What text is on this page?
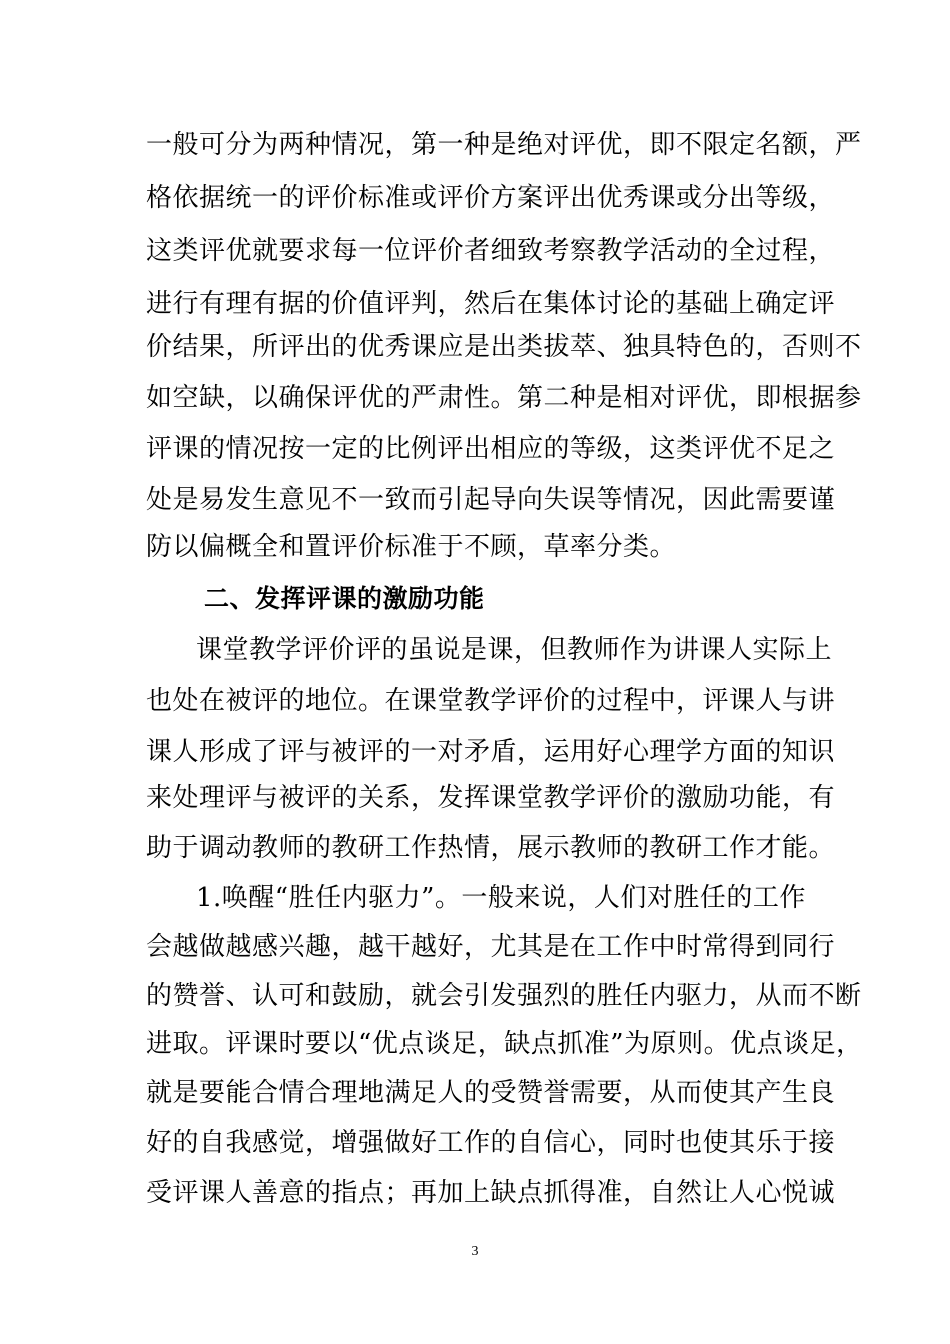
一般可分为两种情况，第一种是绝对评优，即不限定名额，严
格依据统一的评价标准或评价方案评出优秀课或分出等级，
这类评优就要求每一位评价者细致考察教学活动的全过程，
进行有理有据的价值评判，然后在集体讨论的基础上确定评
价结果，所评出的优秀课应是出类拔萃、独具特色的，否则不
如空缺，以确保评优的严肃性。第二种是相对评优，即根据参
评课的情况按一定的比例评出相应的等级，这类评优不足之
处是易发生意见不一致而引起导向失误等情况，因此需要谨
防以偏概全和置评价标准于不顾，草率分类。
二、发挥评课的激励功能
课堂教学评价评的虽说是课，但教师作为讲课人实际上
也处在被评的地位。在课堂教学评价的过程中，评课人与讲
课人形成了评与被评的一对矛盾，运用好心理学方面的知识
来处理评与被评的关系，发挥课堂教学评价的激励功能，有
助于调动教师的教研工作热情，展示教师的教研工作才能。
1.唤醒“胜任内驱力”。一般来说，人们对胜任的工作
会越做越感兴趣，越干越好，尤其是在工作中时常得到同行
的赞誉、认可和鼓励，就会引发强烈的胜任内驱力，从而不断
进取。评课时要以“优点谈足，缺点抓准”为原则。优点谈足，
就是要能合情合理地满足人的受赞誉需要，从而使其产生良
好的自我感觉，增强做好工作的自信心，同时也使其乐于接
受评课人善意的指点；再加上缺点抓得准，自然让人心悦诚
3
